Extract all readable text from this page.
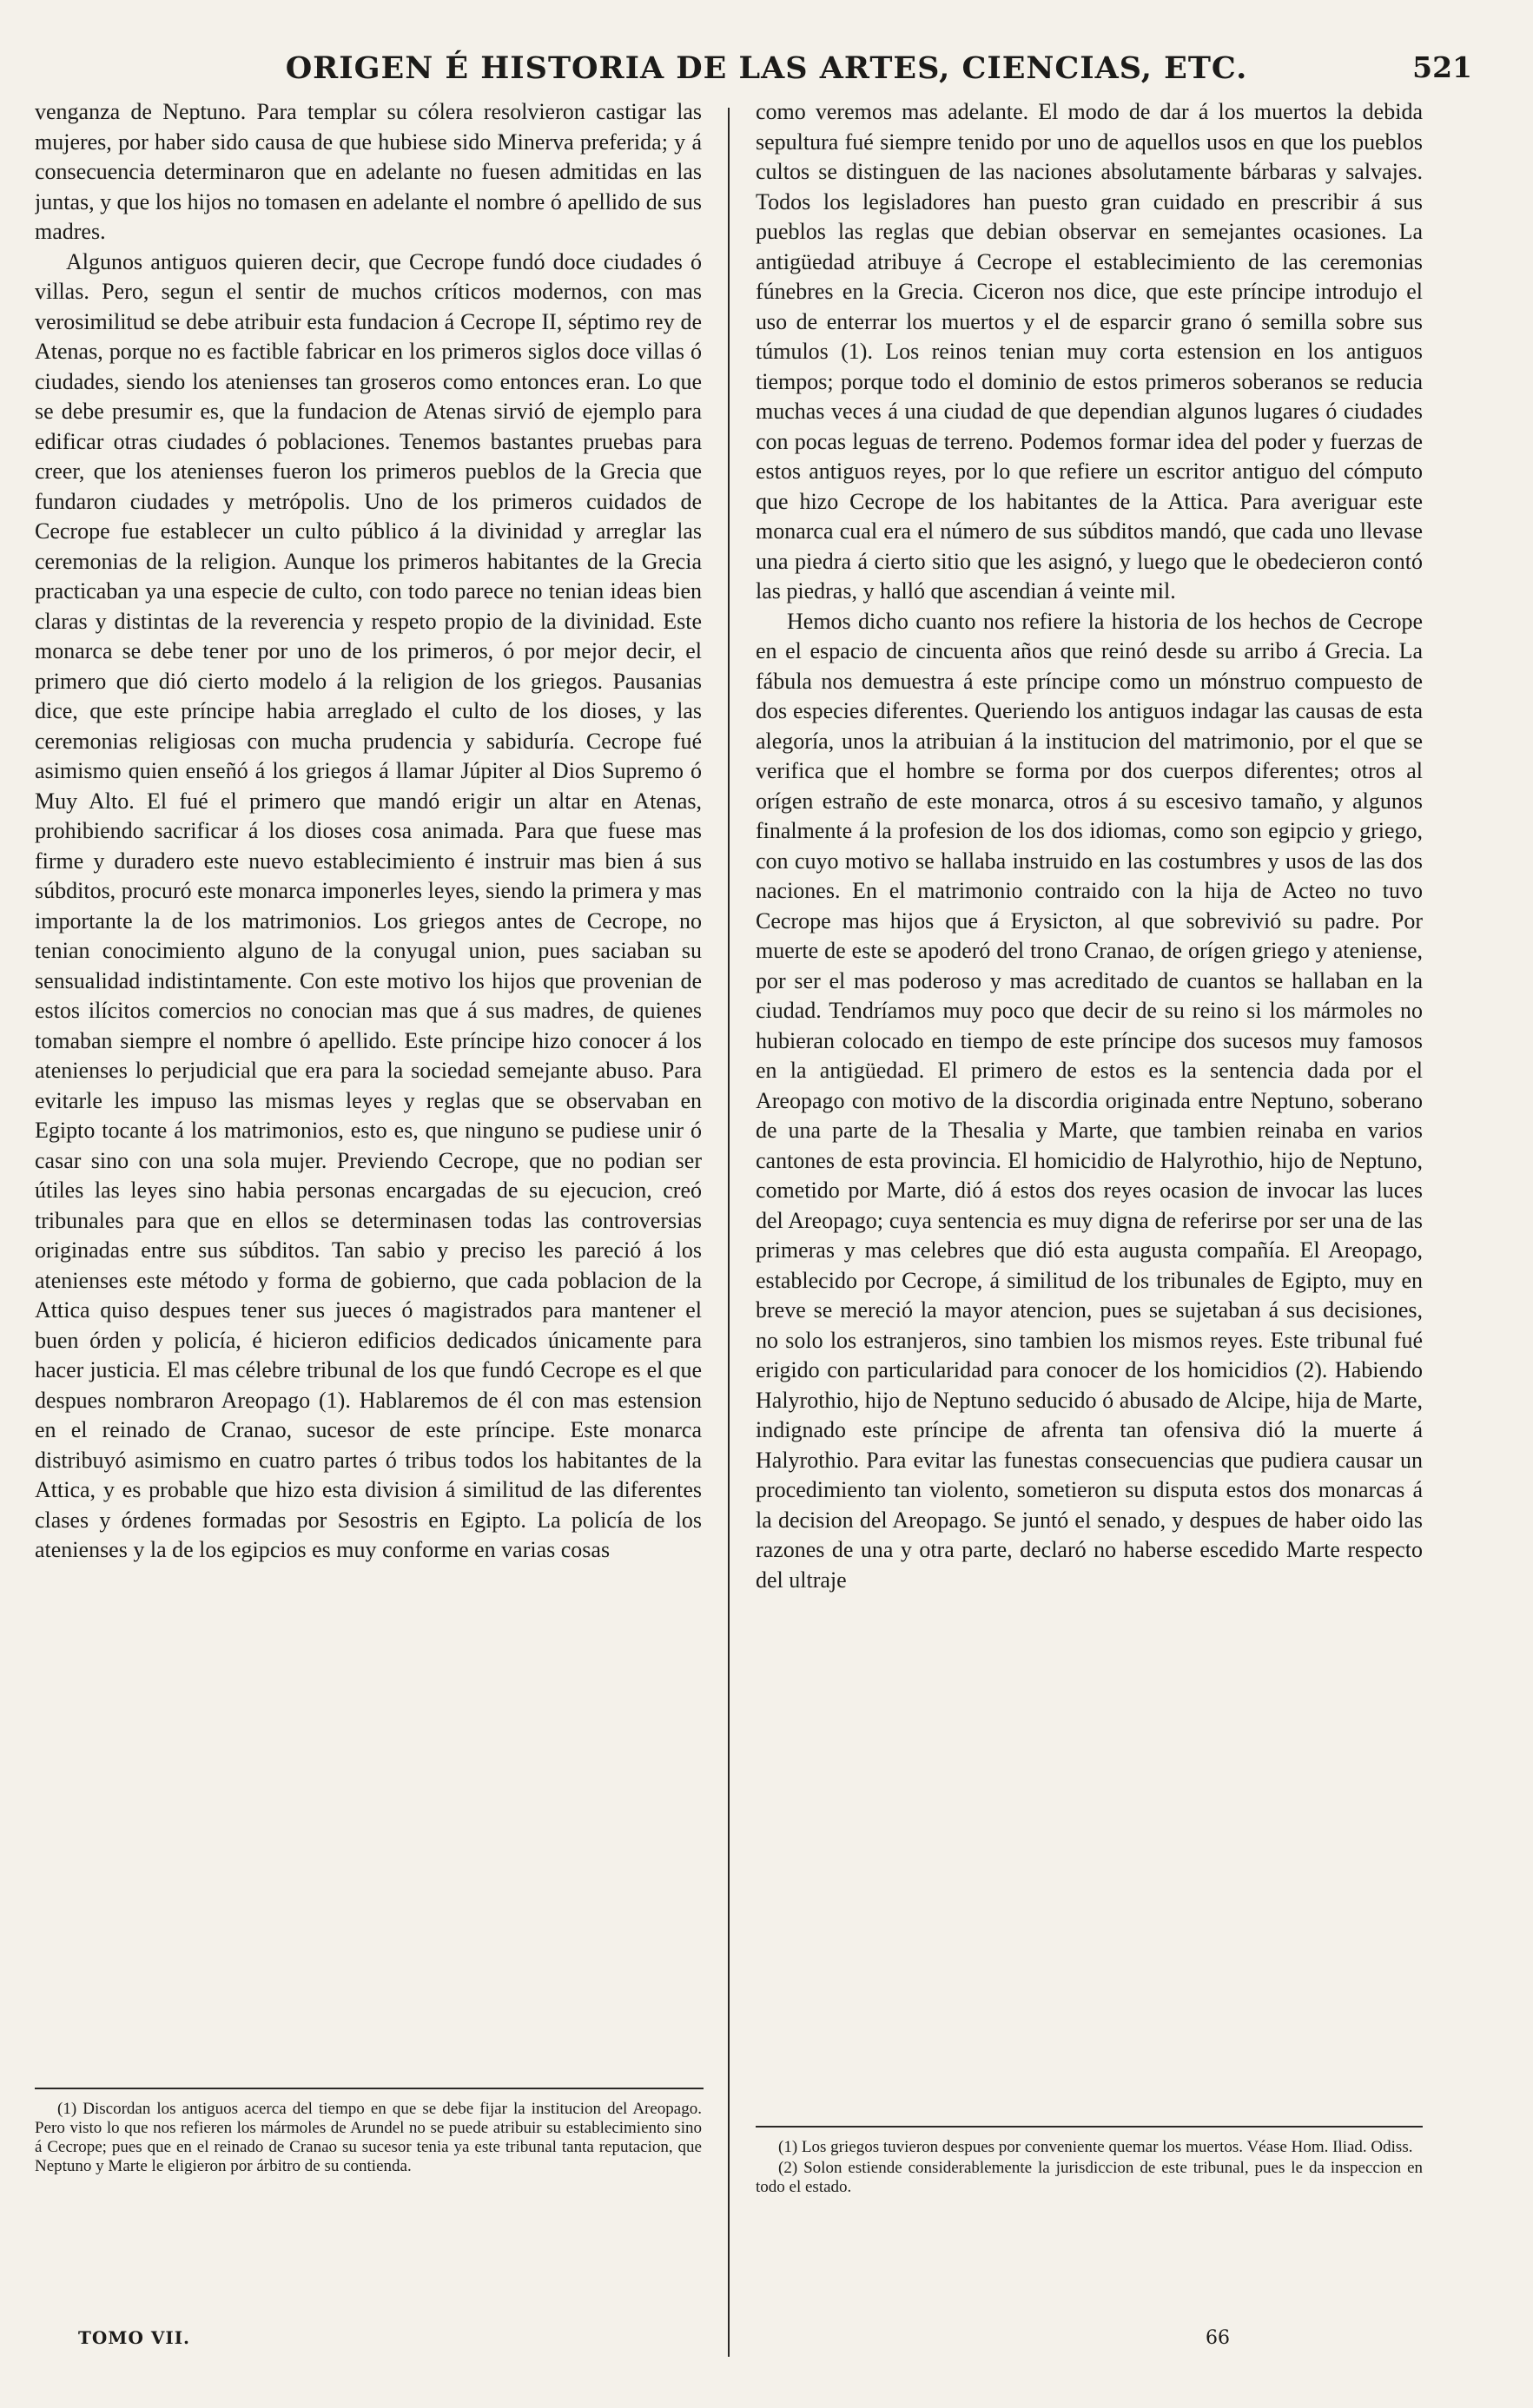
ORIGEN É HISTORIA DE LAS ARTES, CIENCIAS, ETC.	521

venganza de Neptuno. Para templar su cólera resolvieron castigar las mujeres, por haber sido causa de que hubiese sido Minerva preferida; y á consecuencia determinaron que en adelante no fuesen admitidas en las juntas, y que los hijos no tomasen en adelante el nombre ó apellido de sus madres.

Algunos antiguos quieren decir, que Cecrope fundó doce ciudades ó villas. Pero, segun el sentir de muchos críticos modernos, con mas verosimilitud se debe atribuir esta fundacion á Cecrope II, séptimo rey de Atenas, porque no es factible fabricar en los primeros siglos doce villas ó ciudades, siendo los atenienses tan groseros como entonces eran. Lo que se debe presumir es, que la fundacion de Atenas sirvió de ejemplo para edificar otras ciudades ó poblaciones. Tenemos bastantes pruebas para creer, que los atenienses fueron los primeros pueblos de la Grecia que fundaron ciudades y metrópolis. Uno de los primeros cuidados de Cecrope fue establecer un culto público á la divinidad y arreglar las ceremonias de la religion. Aunque los primeros habitantes de la Grecia practicaban ya una especie de culto, con todo parece no tenian ideas bien claras y distintas de la reverencia y respeto propio de la divinidad. Este monarca se debe tener por uno de los primeros, ó por mejor decir, el primero que dió cierto modelo á la religion de los griegos. Pausanias dice, que este príncipe habia arreglado el culto de los dioses, y las ceremonias religiosas con mucha prudencia y sabiduría. Cecrope fué asimismo quien enseñó á los griegos á llamar Júpiter al Dios Supremo ó Muy Alto. El fué el primero que mandó erigir un altar en Atenas, prohibiendo sacrificar á los dioses cosa animada. Para que fuese mas firme y duradero este nuevo establecimiento é instruir mas bien á sus súbditos, procuró este monarca imponerles leyes, siendo la primera y mas importante la de los matrimonios. Los griegos antes de Cecrope, no tenian conocimiento alguno de la conyugal union, pues saciaban su sensualidad indistintamente. Con este motivo los hijos que provenian de estos ilícitos comercios no conocian mas que á sus madres, de quienes tomaban siempre el nombre ó apellido. Este príncipe hizo conocer á los atenienses lo perjudicial que era para la sociedad semejante abuso. Para evitarle les impuso las mismas leyes y reglas que se observaban en Egipto tocante á los matrimonios, esto es, que ninguno se pudiese unir ó casar sino con una sola mujer. Previendo Cecrope, que no podian ser útiles las leyes sino habia personas encargadas de su ejecucion, creó tribunales para que en ellos se determinasen todas las controversias originadas entre sus súbditos. Tan sabio y preciso les pareció á los atenienses este método y forma de gobierno, que cada poblacion de la Attica quiso despues tener sus jueces ó magistrados para mantener el buen órden y policía, é hicieron edificios dedicados únicamente para hacer justicia. El mas célebre tribunal de los que fundó Cecrope es el que despues nombraron Areopago (1). Hablaremos de él con mas estension en el reinado de Cranao, sucesor de este príncipe. Este monarca distribuyó asimismo en cuatro partes ó tribus todos los habitantes de la Attica, y es probable que hizo esta division á similitud de las diferentes clases y órdenes formadas por Sesostris en Egipto. La policía de los atenienses y la de los egipcios es muy conforme en varias cosas

como veremos mas adelante. El modo de dar á los muertos la debida sepultura fué siempre tenido por uno de aquellos usos en que los pueblos cultos se distinguen de las naciones absolutamente bárbaras y salvajes. Todos los legisladores han puesto gran cuidado en prescribir á sus pueblos las reglas que debian observar en semejantes ocasiones. La antigüedad atribuye á Cecrope el establecimiento de las ceremonias fúnebres en la Grecia. Ciceron nos dice, que este príncipe introdujo el uso de enterrar los muertos y el de esparcir grano ó semilla sobre sus túmulos (1). Los reinos tenian muy corta estension en los antiguos tiempos; porque todo el dominio de estos primeros soberanos se reducia muchas veces á una ciudad de que dependian algunos lugares ó ciudades con pocas leguas de terreno. Podemos formar idea del poder y fuerzas de estos antiguos reyes, por lo que refiere un escritor antiguo del cómputo que hizo Cecrope de los habitantes de la Attica. Para averiguar este monarca cual era el número de sus súbditos mandó, que cada uno llevase una piedra á cierto sitio que les asignó, y luego que le obedecieron contó las piedras, y halló que ascendian á veinte mil.

Hemos dicho cuanto nos refiere la historia de los hechos de Cecrope en el espacio de cincuenta años que reinó desde su arribo á Grecia. La fábula nos demuestra á este príncipe como un mónstruo compuesto de dos especies diferentes. Queriendo los antiguos indagar las causas de esta alegoría, unos la atribuian á la institucion del matrimonio, por el que se verifica que el hombre se forma por dos cuerpos diferentes; otros al orígen estraño de este monarca, otros á su escesivo tamaño, y algunos finalmente á la profesion de los dos idiomas, como son egipcio y griego, con cuyo motivo se hallaba instruido en las costumbres y usos de las dos naciones. En el matrimonio contraido con la hija de Acteo no tuvo Cecrope mas hijos que á Erysicton, al que sobrevivió su padre. Por muerte de este se apoderó del trono Cranao, de orígen griego y ateniense, por ser el mas poderoso y mas acreditado de cuantos se hallaban en la ciudad. Tendríamos muy poco que decir de su reino si los mármoles no hubieran colocado en tiempo de este príncipe dos sucesos muy famosos en la antigüedad. El primero de estos es la sentencia dada por el Areopago con motivo de la discordia originada entre Neptuno, soberano de una parte de la Thesalia y Marte, que tambien reinaba en varios cantones de esta provincia. El homicidio de Halyrothio, hijo de Neptuno, cometido por Marte, dió á estos dos reyes ocasion de invocar las luces del Areopago; cuya sentencia es muy digna de referirse por ser una de las primeras y mas celebres que dió esta augusta compañía. El Areopago, establecido por Cecrope, á similitud de los tribunales de Egipto, muy en breve se mereció la mayor atencion, pues se sujetaban á sus decisiones, no solo los estranjeros, sino tambien los mismos reyes. Este tribunal fué erigido con particularidad para conocer de los homicidios (2). Habiendo Halyrothio, hijo de Neptuno seducido ó abusado de Alcipe, hija de Marte, indignado este príncipe de afrenta tan ofensiva dió la muerte á Halyrothio. Para evitar las funestas consecuencias que pudiera causar un procedimiento tan violento, sometieron su disputa estos dos monarcas á la decision del Areopago. Se juntó el senado, y despues de haber oido las razones de una y otra parte, declaró no haberse escedido Marte respecto del ultraje

(1) Discordan los antiguos acerca del tiempo en que se debe fijar la institucion del Areopago. Pero visto lo que nos refieren los mármoles de Arundel no se puede atribuir su establecimiento sino á Cecrope; pues que en el reinado de Cranao su sucesor tenia ya este tribunal tanta reputacion, que Neptuno y Marte le eligieron por árbitro de su contienda.

(1) Los griegos tuvieron despues por conveniente quemar los muertos. Véase Hom. Iliad. Odiss.

(2) Solon estiende considerablemente la jurisdiccion de este tribunal, pues le da inspeccion en todo el estado.

TOMO VII.	66
